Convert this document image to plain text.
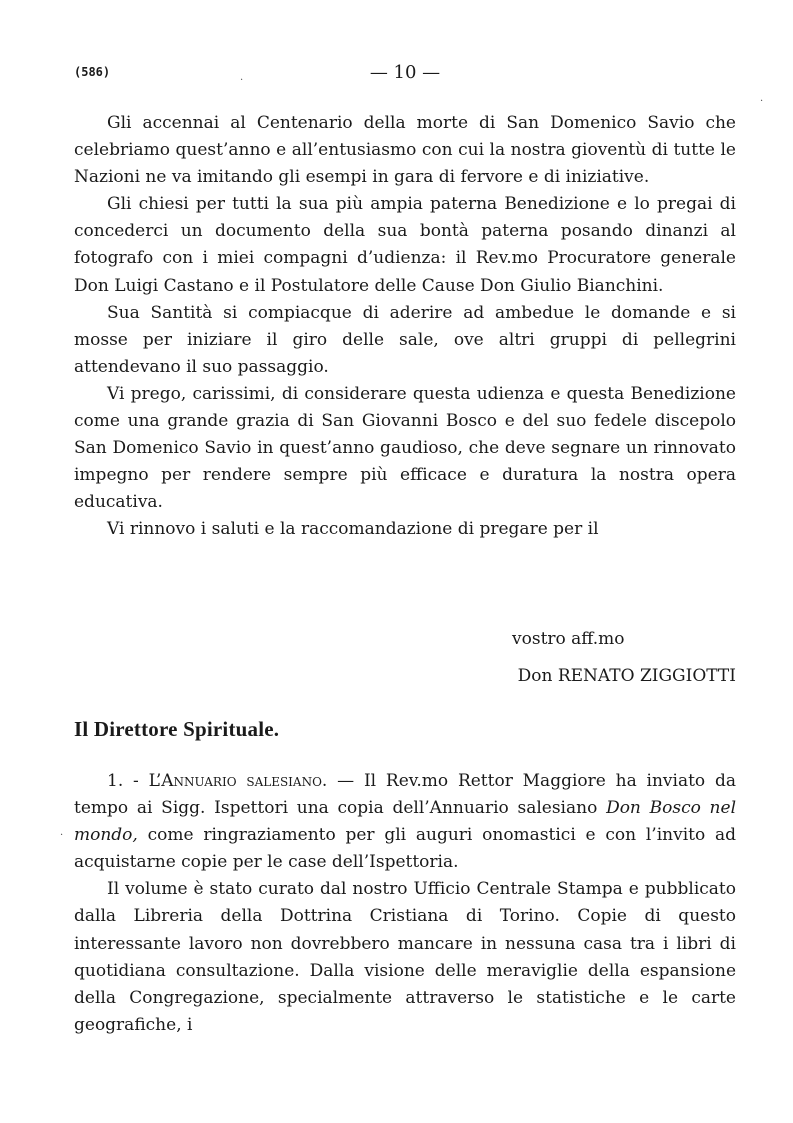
(586)	— 10 —

Gli accennai al Centenario della morte di San Domenico Savio che celebriamo quest’anno e all’entusiasmo con cui la nostra gioventù di tutte le Nazioni ne va imitando gli esempi in gara di fervore e di iniziative.

Gli chiesi per tutti la sua più ampia paterna Benedizione e lo pregai di concederci un documento della sua bontà paterna posando dinanzi al fotografo con i miei compagni d’udienza: il Rev.mo Procuratore generale Don Luigi Castano e il Postulatore delle Cause Don Giulio Bianchini.

Sua Santità si compiacque di aderire ad ambedue le domande e si mosse per iniziare il giro delle sale, ove altri gruppi di pellegrini attendevano il suo passaggio.

Vi prego, carissimi, di considerare questa udienza e questa Benedizione come una grande grazia di San Giovanni Bosco e del suo fedele discepolo San Domenico Savio in quest’anno gaudioso, che deve segnare un rinnovato impegno per rendere sempre più efficace e duratura la nostra opera educativa.

Vi rinnovo i saluti e la raccomandazione di pregare per il

vostro aff.mo
Don RENATO ZIGGIOTTI
Il Direttore Spirituale.

1. - L’Annuario salesiano. — Il Rev.mo Rettor Maggiore ha inviato da tempo ai Sigg. Ispettori una copia dell’Annuario salesiano Don Bosco nel mondo, come ringraziamento per gli auguri onomastici e con l’invito ad acquistarne copie per le case dell’Ispettoria.

Il volume è stato curato dal nostro Ufficio Centrale Stampa e pubblicato dalla Libreria della Dottrina Cristiana di Torino. Copie di questo interessante lavoro non dovrebbero mancare in nessuna casa tra i libri di quotidiana consultazione. Dalla visione delle meraviglie della espansione della Congregazione, specialmente attraverso le statistiche e le carte geografiche, i

·
.
·
